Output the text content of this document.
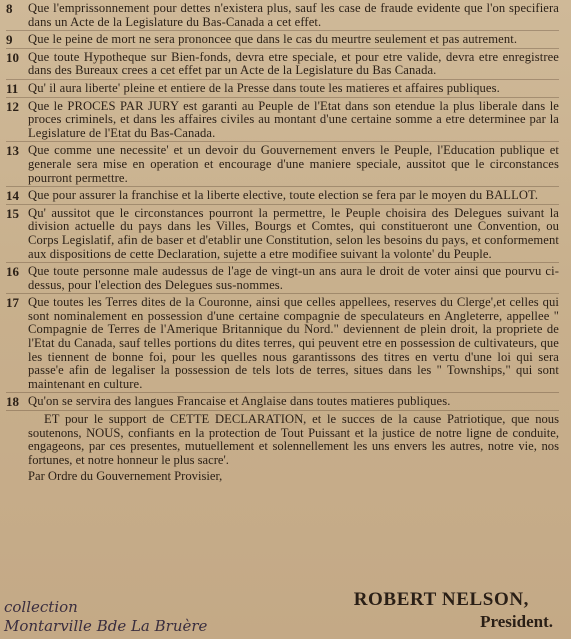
8	Que l'emprissonnement pour dettes n'existera plus, sauf les case de fraude evidente que l'on specifiera dans un Acte de la Legislature du Bas-Canada a cet effet.
9	Que le peine de mort ne sera prononcee que dans le cas du meurtre seulement et pas autrement.
10 Que toute Hypotheque sur Bien-fonds, devra etre speciale, et pour etre valide, devra etre enregistree dans des Bureaux crees a cet effet par un Acte de la Legislature du Bas Canada.
11 Qu' il aura liberte' pleine et entiere de la Presse dans toute les matieres et affaires publiques.
12 Que le PROCES PAR JURY est garanti au Peuple de l'Etat dans son etendue la plus liberale dans le proces criminels, et dans les affaires civiles au montant d'une certaine somme a etre determinee par la Legislature de l'Etat du Bas-Canada.
13 Que comme une necessite' et un devoir du Gouvernement envers le Peuple, l'Education publique et generale sera mise en operation et encourage d'une maniere speciale, aussitot que le circonstances pourront permettre.
14 Que pour assurer la franchise et la liberte elective, toute election se fera par le moyen du BALLOT.
15 Qu' aussitot que le circonstances pourront la permettre, le Peuple choisira des Delegues suivant la division actuelle du pays dans les Villes, Bourgs et Comtes, qui constitueront une Convention, ou Corps Legislatif, afin de baser et d'etablir une Constitution, selon les besoins du pays, et conformement aux dispositions de cette Declaration, sujette a etre modifiee suivant la volonte' du Peuple.
16 Que toute personne male audessus de l'age de vingt-un ans aura le droit de voter ainsi que pourvu ci-dessus, pour l'election des Delegues sus-nommes.
17 Que toutes les Terres dites de la Couronne, ainsi que celles appellees, reserves du Clerge',et celles qui sont nominalement en possession d'une certaine compagnie de speculateurs en Angleterre, appellee " Compagnie de Terres de l'Amerique Britannique du Nord." deviennent de plein droit, la propriete de l'Etat du Canada, sauf telles portions du dites terres, qui peuvent etre en possession de cultivateurs, que les tiennent de bonne foi, pour les quelles nous garantissons des titres en vertu d'une loi qui sera passe'e afin de legaliser la possession de tels lots de terres, situes dans les " Townships," qui sont maintenant en culture.
18 Qu'on se servira des langues Francaise et Anglaise dans toutes matieres publiques.
ET pour le support de CETTE DECLARATION, et le succes de la cause Patriotique, que nous soutenons, NOUS, confiants en la protection de Tout Puissant et la justice de notre ligne de conduite, engageons, par ces presentes, mutuellement et solennellement les uns envers les autres, notre vie, nos fortunes, et notre honneur le plus sacre'.
Par Ordre du Gouvernement Provisier,
ROBERT NELSON,
President.
collection
Montarville Bde La Bruère
